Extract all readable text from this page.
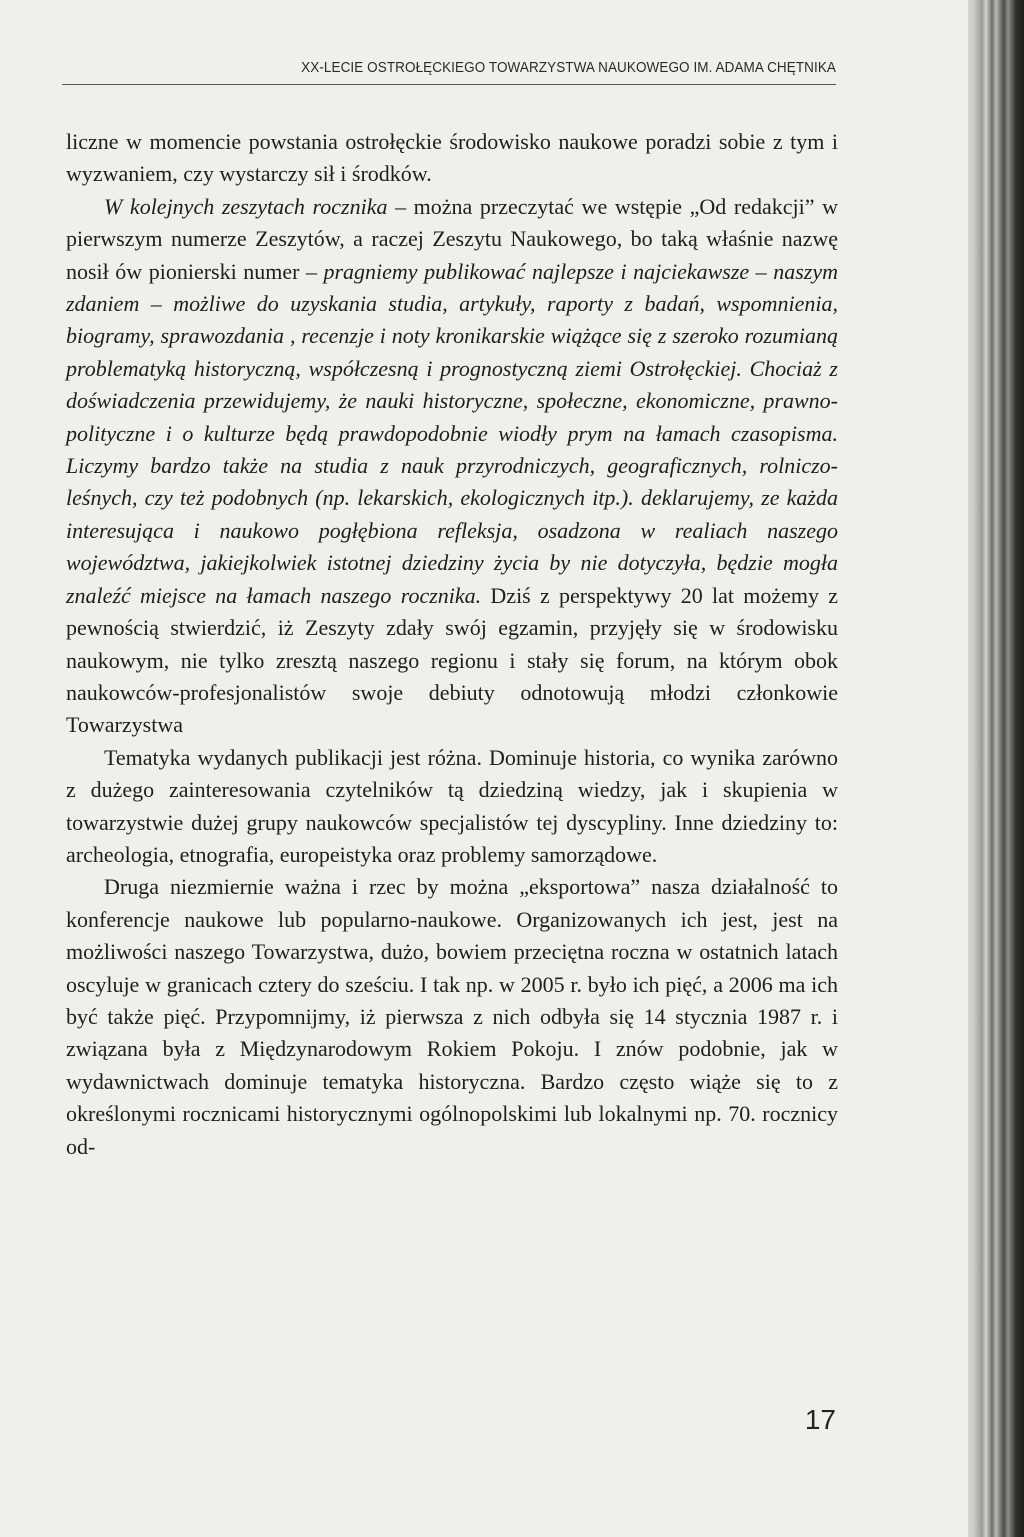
XX-LECIE OSTROŁĘCKIEGO TOWARZYSTWA NAUKOWEGO IM. ADAMA CHĘTNIKA

liczne w momencie powstania ostrołęckie środowisko naukowe poradzi sobie z tym i wyzwaniem, czy wystarczy sił i środków.

W kolejnych zeszytach rocznika – można przeczytać we wstępie „Od redakcji” w pierwszym numerze Zeszytów, a raczej Zeszytu Naukowego, bo taką właśnie nazwę nosił ów pionierski numer – pragniemy publikować najlepsze i najciekawsze – naszym zdaniem – możliwe do uzyskania studia, artykuły, raporty z badań, wspomnienia, biogramy, sprawozdania , recenzje i noty kronikarskie wiążące się z szeroko rozumianą problematyką historyczną, współczesną i prognostyczną ziemi Ostrołęckiej. Chociaż z doświadczenia przewidujemy, że nauki historyczne, społeczne, ekonomiczne, prawno-polityczne i o kulturze będą prawdopodobnie wiodły prym na łamach czasopisma. Liczymy bardzo także na studia z nauk przyrodniczych, geograficznych, rolniczo-leśnych, czy też podobnych (np. lekarskich, ekologicznych itp.). deklarujemy, ze każda interesująca i naukowo pogłębiona refleksja, osadzona w realiach naszego województwa, jakiejkolwiek istotnej dziedziny życia by nie dotyczyła, będzie mogła znaleźć miejsce na łamach naszego rocznika. Dziś z perspektywy 20 lat możemy z pewnością stwierdzić, iż Zeszyty zdały swój egzamin, przyjęły się w środowisku naukowym, nie tylko zresztą naszego regionu i stały się forum, na którym obok naukowców-profesjonalistów swoje debiuty odnotowują młodzi członkowie Towarzystwa

Tematyka wydanych publikacji jest różna. Dominuje historia, co wynika zarówno z dużego zainteresowania czytelników tą dziedziną wiedzy, jak i skupienia w towarzystwie dużej grupy naukowców specjalistów tej dyscypliny. Inne dziedziny to: archeologia, etnografia, europeistyka oraz problemy samorządowe.

Druga niezmiernie ważna i rzec by można „eksportowa” nasza działalność to konferencje naukowe lub popularno-naukowe. Organizowanych ich jest, jest na możliwości naszego Towarzystwa, dużo, bowiem przeciętna roczna w ostatnich latach oscyluje w granicach cztery do sześciu. I tak np. w 2005 r. było ich pięć, a 2006 ma ich być także pięć. Przypomnijmy, iż pierwsza z nich odbyła się 14 stycznia 1987 r. i związana była z Międzynarodowym Rokiem Pokoju. I znów podobnie, jak w wydawnictwach dominuje tematyka historyczna. Bardzo często wiąże się to z określonymi rocznicami historycznymi ogólnopolskimi lub lokalnymi np. 70. rocznicy od-

17
